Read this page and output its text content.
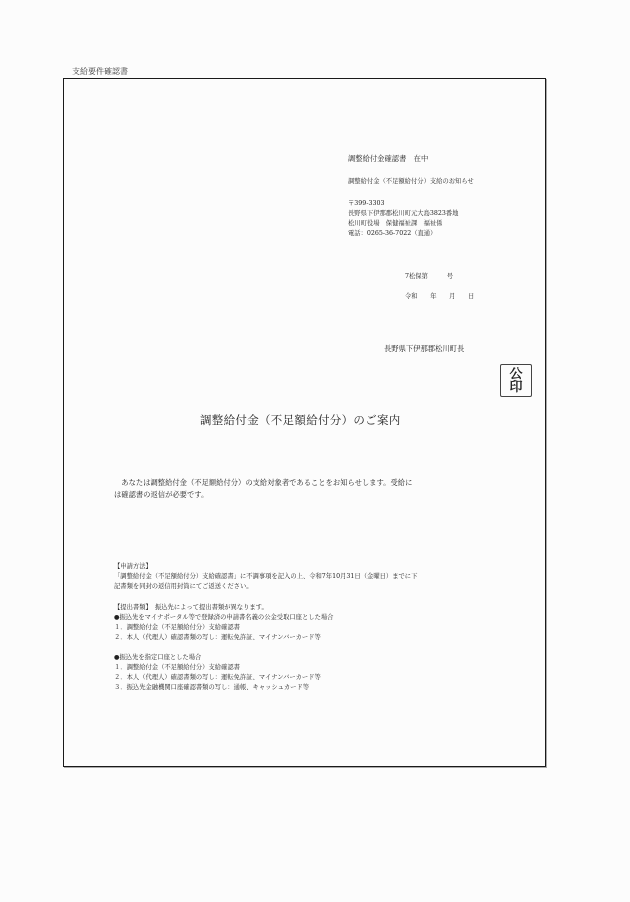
支給要件確認書
調整給付金確認書　在中
調整給付金（不足額給付分）支給のお知らせ
〒399-3303
長野県下伊那郡松川町元大島3823番地
松川町役場　保健福祉課　福祉係
電話：0265-36-7022（直通）
7松保第　　　号
令和　　年　　月　　日
長野県下伊那郡松川町長
公
印
調整給付金（不足額給付分）のご案内
　あなたは調整給付金（不足額給付分）の支給対象者であることをお知らせします。受給に
は確認書の返信が必要です。
【申請方法】
「調整給付金（不足額給付分）支給確認書」に不調事項を記入の上、令和7年10月31日（金曜日）までに下
記書類を同封の返信用封筒にてご返送ください。
【提出書類】　振込先によって提出書類が異なります。
●振込先をマイナポータル等で登録済の申請書名義の公金受取口座とした場合
１．調整給付金（不足額給付分）支給確認書
２．本人（代理人）確認書類の写し：運転免許証、マイナンバーカード等
●振込先を指定口座とした場合
１．調整給付金（不足額給付分）支給確認書
２．本人（代理人）確認書類の写し：運転免許証、マイナンバーカード等
３．振込先金融機関口座確認書類の写し：通帳、キャッシュカード等
